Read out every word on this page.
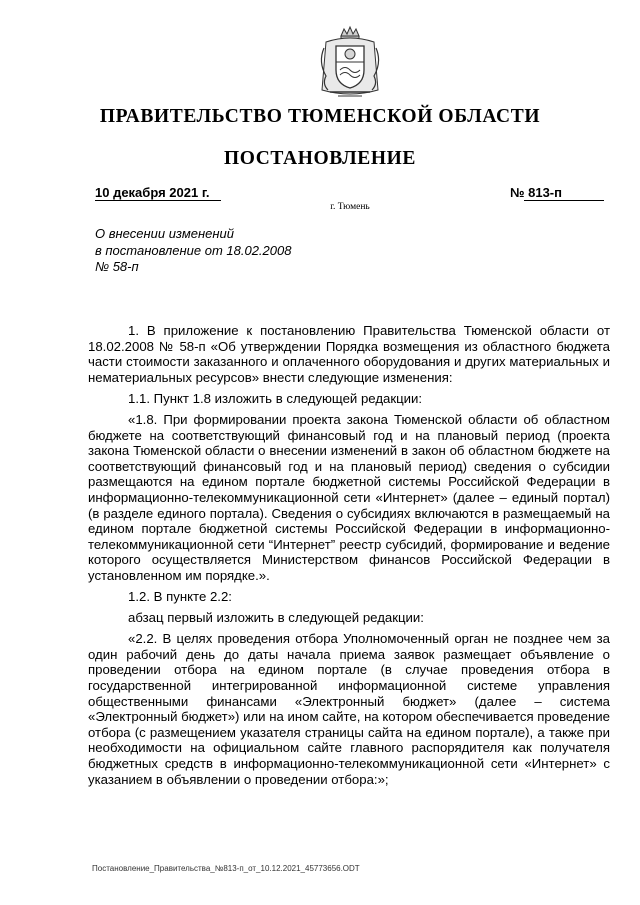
ПРАВИТЕЛЬСТВО ТЮМЕНСКОЙ ОБЛАСТИ
ПОСТАНОВЛЕНИЕ
10 декабря 2021 г.	№ 813-п
г. Тюмень
О внесении изменений
в постановление от 18.02.2008
№ 58-п

1. В приложение к постановлению Правительства Тюменской области от 18.02.2008 № 58-п «Об утверждении Порядка возмещения из областного бюджета части стоимости заказанного и оплаченного оборудования и других материальных и нематериальных ресурсов» внести следующие изменения:

1.1. Пункт 1.8 изложить в следующей редакции:

«1.8. При формировании проекта закона Тюменской области об областном бюджете на соответствующий финансовый год и на плановый период (проекта закона Тюменской области о внесении изменений в закон об областном бюджете на соответствующий финансовый год и на плановый период) сведения о субсидии размещаются на едином портале бюджетной системы Российской Федерации в информационно-телекоммуникационной сети «Интернет» (далее – единый портал) (в разделе единого портала). Сведения о субсидиях включаются в размещаемый на едином портале бюджетной системы Российской Федерации в информационно-телекоммуникационной сети “Интернет” реестр субсидий, формирование и ведение которого осуществляется Министерством финансов Российской Федерации в установленном им порядке.».

1.2. В пункте 2.2:

абзац первый изложить в следующей редакции:

«2.2. В целях проведения отбора Уполномоченный орган не позднее чем за один рабочий день до даты начала приема заявок размещает объявление о проведении отбора на едином портале (в случае проведения отбора в государственной интегрированной информационной системе управления общественными финансами «Электронный бюджет» (далее – система «Электронный бюджет») или на ином сайте, на котором обеспечивается проведение отбора (с размещением указателя страницы сайта на едином портале), а также при необходимости на официальном сайте главного распорядителя как получателя бюджетных средств в информационно-телекоммуникационной сети «Интернет» с указанием в объявлении о проведении отбора:»;

Постановление_Правительства_№813-п_от_10.12.2021_45773656.ODT
